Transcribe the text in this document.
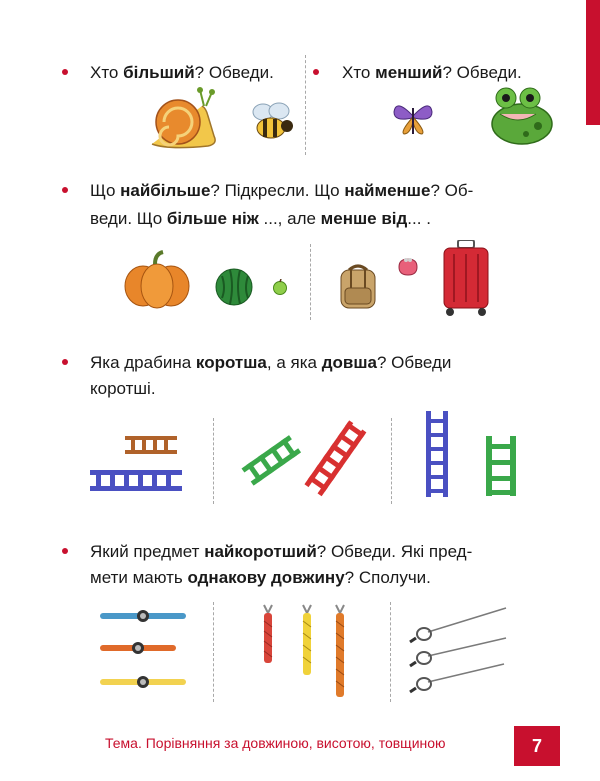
Хто більший? Обведи.	Хто менший? Обведи.
Що найбільше? Підкресли. Що найменше? Об-
веди. Що більше ніж ..., але менше від... .
Яка драбина коротша, а яка довша? Обведи
коротші.
Який предмет найкоротший? Обведи. Які пред-
мети мають однакову довжину? Сполучи.
Тема. Порівняння за довжиною, висотою, товщиною	7
